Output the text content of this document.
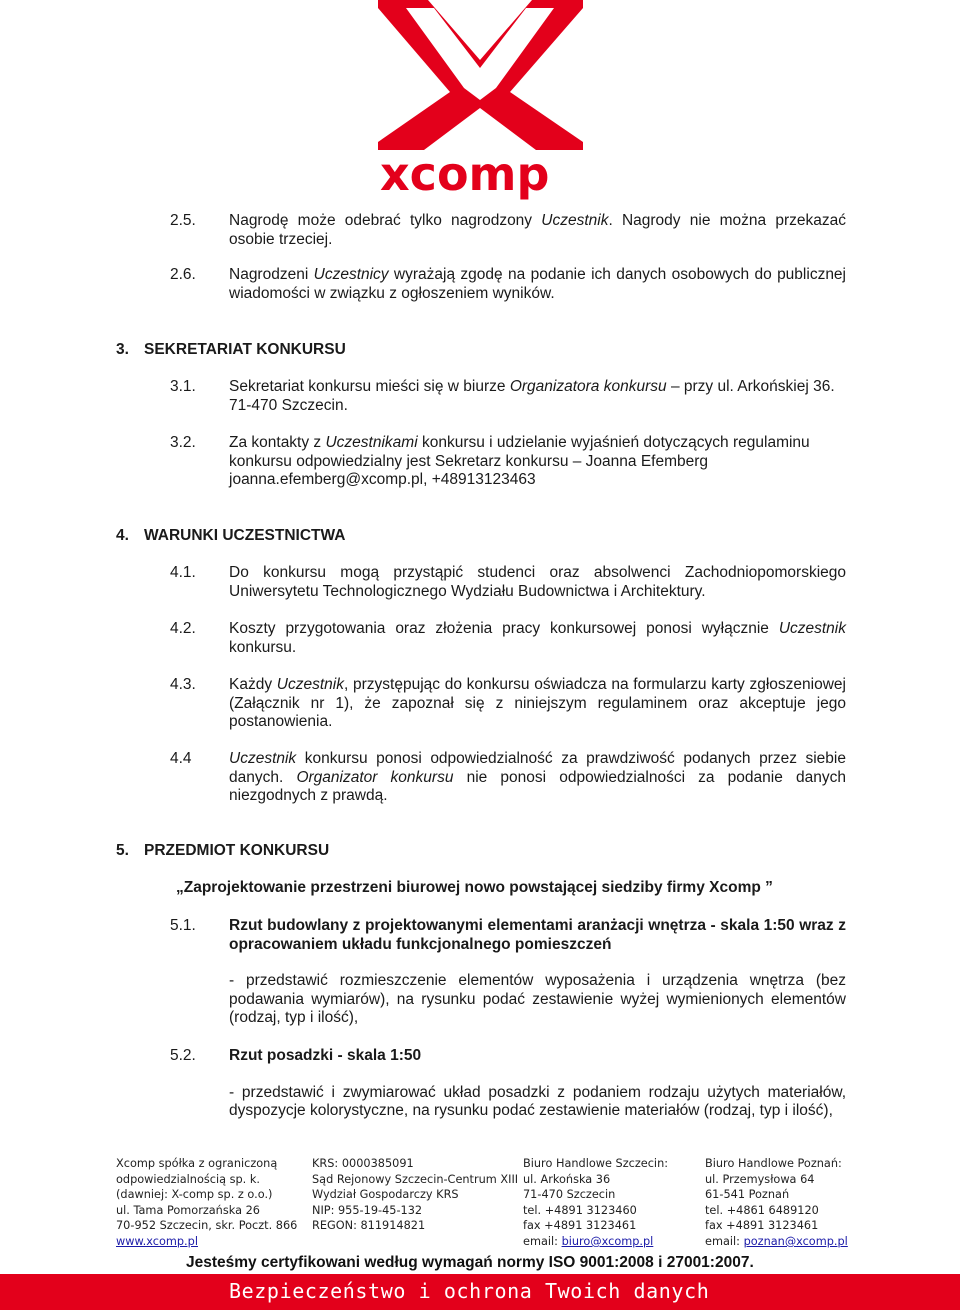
xcomp
2.5.	Nagrodę może odebrać tylko nagrodzony Uczestnik. Nagrody nie można przekazać osobie trzeciej.
2.6.	Nagrodzeni Uczestnicy wyrażają zgodę na podanie ich danych osobowych do publicznej wiadomości w związku z ogłoszeniem wyników.
3. SEKRETARIAT KONKURSU
3.1.	Sekretariat konkursu mieści się w biurze Organizatora konkursu – przy ul. Arkońskiej 36. 71-470 Szczecin.
3.2.	Za kontakty z Uczestnikami konkursu i udzielanie wyjaśnień dotyczących regulaminu konkursu odpowiedzialny jest Sekretarz konkursu – Joanna Efemberg joanna.efemberg@xcomp.pl, +48913123463
4. WARUNKI UCZESTNICTWA
4.1.	Do konkursu mogą przystąpić studenci oraz absolwenci Zachodniopomorskiego Uniwersytetu Technologicznego Wydziału Budownictwa i Architektury.
4.2.	Koszty przygotowania oraz złożenia pracy konkursowej ponosi wyłącznie Uczestnik konkursu.
4.3.	Każdy Uczestnik, przystępując do konkursu oświadcza na formularzu karty zgłoszeniowej (Załącznik nr 1), że zapoznał się z niniejszym regulaminem oraz akceptuje jego postanowienia.
4.4	Uczestnik konkursu ponosi odpowiedzialność za prawdziwość podanych przez siebie danych. Organizator konkursu nie ponosi odpowiedzialności za podanie danych niezgodnych z prawdą.
5. PRZEDMIOT KONKURSU
„Zaprojektowanie przestrzeni biurowej nowo powstającej siedziby firmy Xcomp ”
5.1.	Rzut budowlany z projektowanymi elementami aranżacji wnętrza - skala 1:50 wraz z opracowaniem układu funkcjonalnego pomieszczeń
- przedstawić rozmieszczenie elementów wyposażenia i urządzenia wnętrza (bez podawania wymiarów), na rysunku podać zestawienie wyżej wymienionych elementów (rodzaj, typ i ilość),
5.2.	Rzut posadzki - skala 1:50
- przedstawić i zwymiarować układ posadzki z podaniem rodzaju użytych materiałów, dyspozycje kolorystyczne, na rysunku podać zestawienie materiałów (rodzaj, typ i ilość),
Xcomp spółka z ograniczoną
odpowiedzialnością sp. k.
(dawniej: X-comp sp. z o.o.)
ul. Tama Pomorzańska 26
70-952 Szczecin, skr. Poczt. 866
www.xcomp.pl
KRS: 0000385091
Sąd Rejonowy Szczecin-Centrum XIII
Wydział Gospodarczy KRS
NIP: 955-19-45-132
REGON: 811914821
Biuro Handlowe Szczecin:
ul. Arkońska 36
71-470 Szczecin
tel. +4891 3123460
fax +4891 3123461
email: biuro@xcomp.pl
Biuro Handlowe Poznań:
ul. Przemysłowa 64
61-541 Poznań
tel. +4861 6489120
fax +4891 3123461
email: poznan@xcomp.pl
Jesteśmy certyfikowani według wymagań normy ISO 9001:2008 i 27001:2007.
Bezpieczeństwo i ochrona Twoich danych
